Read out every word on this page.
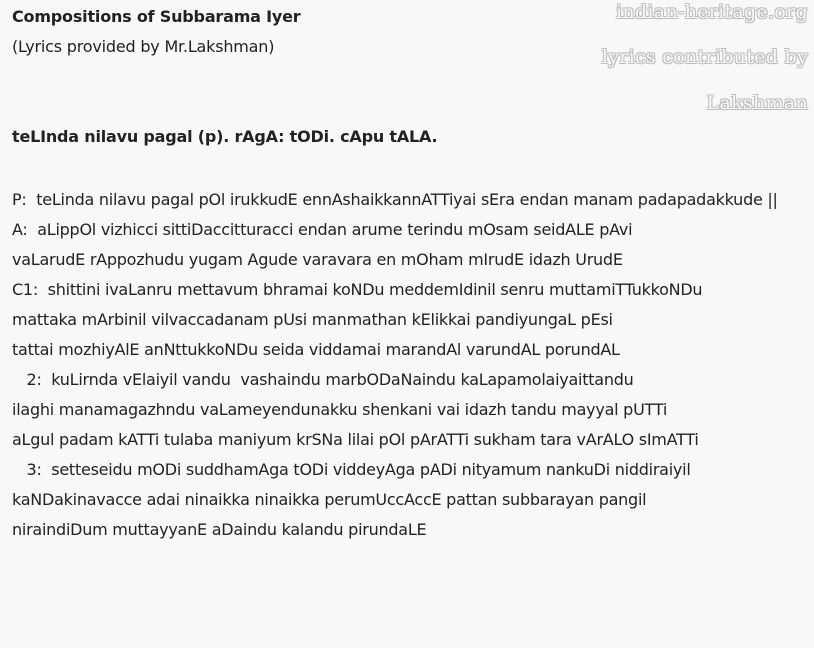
indian-heritage.org
lyrics contributed by
Lakshman
Compositions of Subbarama Iyer
(Lyrics provided by Mr.Lakshman)
teLInda nilavu pagal (p). rAgA: tODi. cApu tALA.
P:  teLinda nilavu pagal pOl irukkudE ennAshaikkannATTiyai sEra endan manam padapadakkude ||
A:  aLippOl vizhicci sittiDaccitturacci endan arume terindu mOsam seidALE pAvi
vaLarudE rAppozhudu yugam Agude varavara en mOham mIrudE idazh UrudE
C1:  shittini ivaLanru mettavum bhramai koNDu meddemIdinil senru muttamiTTukkoNDu
mattaka mArbinil vilvaccadanam pUsi manmathan kElikkai pandiyungaL pEsi
tattai mozhiyAlE anNttukkoNDu seida viddamai marandAl varundAL porundAL
2:  kuLirnda vElaiyil vandu  vashaindu marbODaNaindu kaLapamolaiyaittandu
ilaghi manamagazhndu vaLameyendunakku shenkani vai idazh tandu mayyal pUTTi
aLgul padam kATTi tulaba maniyum krSNa lilai pOl pArATTi sukham tara vArALO sImATTi
3:  setteseidu mODi suddhamAga tODi viddeyAga pADi nityamum nankuDi niddiraiyil
kaNDakinavacce adai ninaikka ninaikka perumUccAccE pattan subbarayan pangil
niraindiDum muttayyanE aDaindu kalandu pirundaLE
